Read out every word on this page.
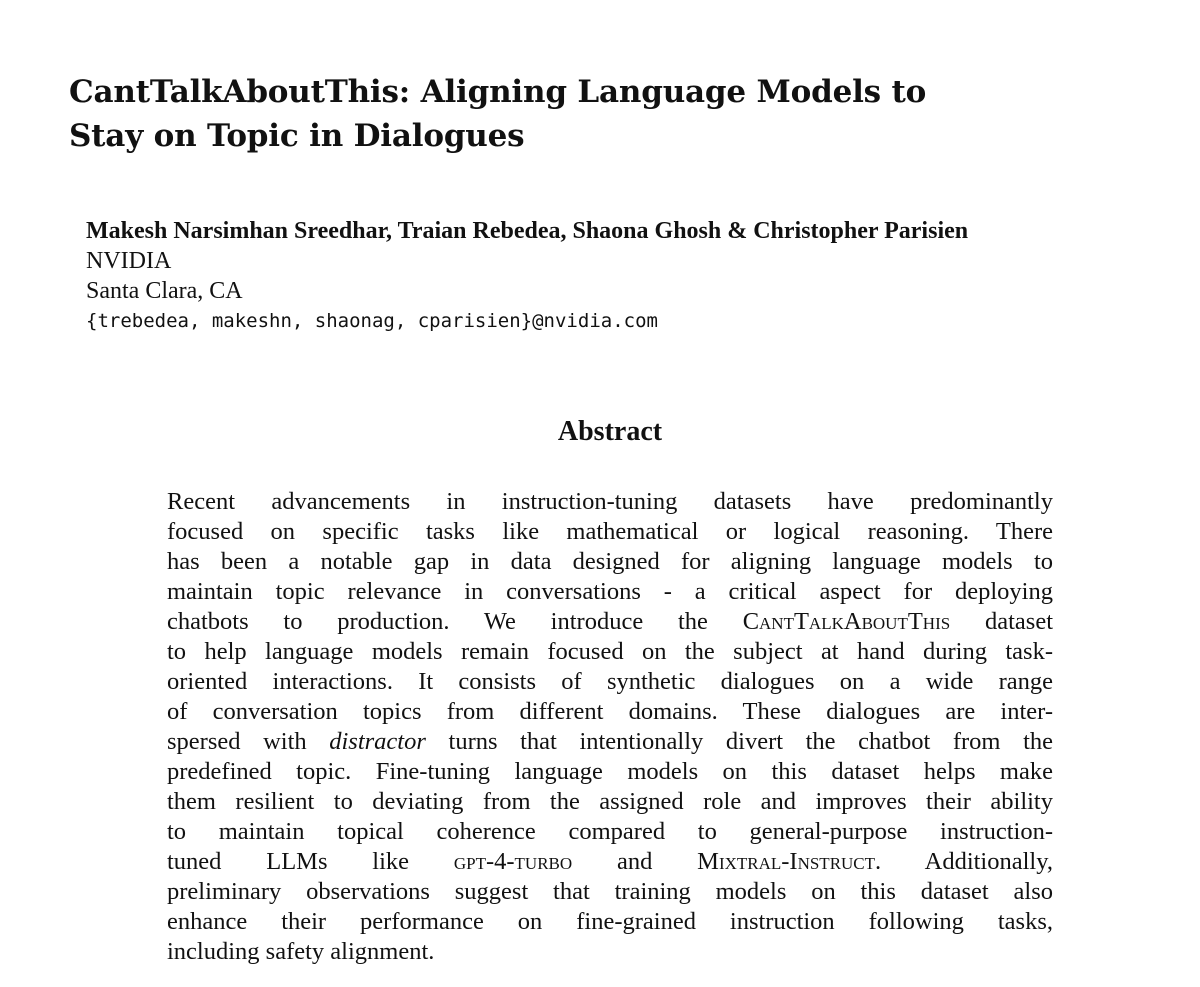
CantTalkAboutThis: Aligning Language Models to
Stay on Topic in Dialogues
Makesh Narsimhan Sreedhar, Traian Rebedea, Shaona Ghosh & Christopher Parisien
NVIDIA
Santa Clara, CA
{trebedea, makeshn, shaonag, cparisien}@nvidia.com
Abstract
Recent advancements in instruction-tuning datasets have predominantly
focused on specific tasks like mathematical or logical reasoning. There
has been a notable gap in data designed for aligning language models to
maintain topic relevance in conversations - a critical aspect for deploying
chatbots to production. We introduce the CantTalkAboutThis dataset
to help language models remain focused on the subject at hand during task-
oriented interactions. It consists of synthetic dialogues on a wide range
of conversation topics from different domains. These dialogues are inter-
spersed with distractor turns that intentionally divert the chatbot from the
predefined topic. Fine-tuning language models on this dataset helps make
them resilient to deviating from the assigned role and improves their ability
to maintain topical coherence compared to general-purpose instruction-
tuned LLMs like gpt-4-turbo and Mixtral-Instruct. Additionally,
preliminary observations suggest that training models on this dataset also
enhance their performance on fine-grained instruction following tasks,
including safety alignment.
